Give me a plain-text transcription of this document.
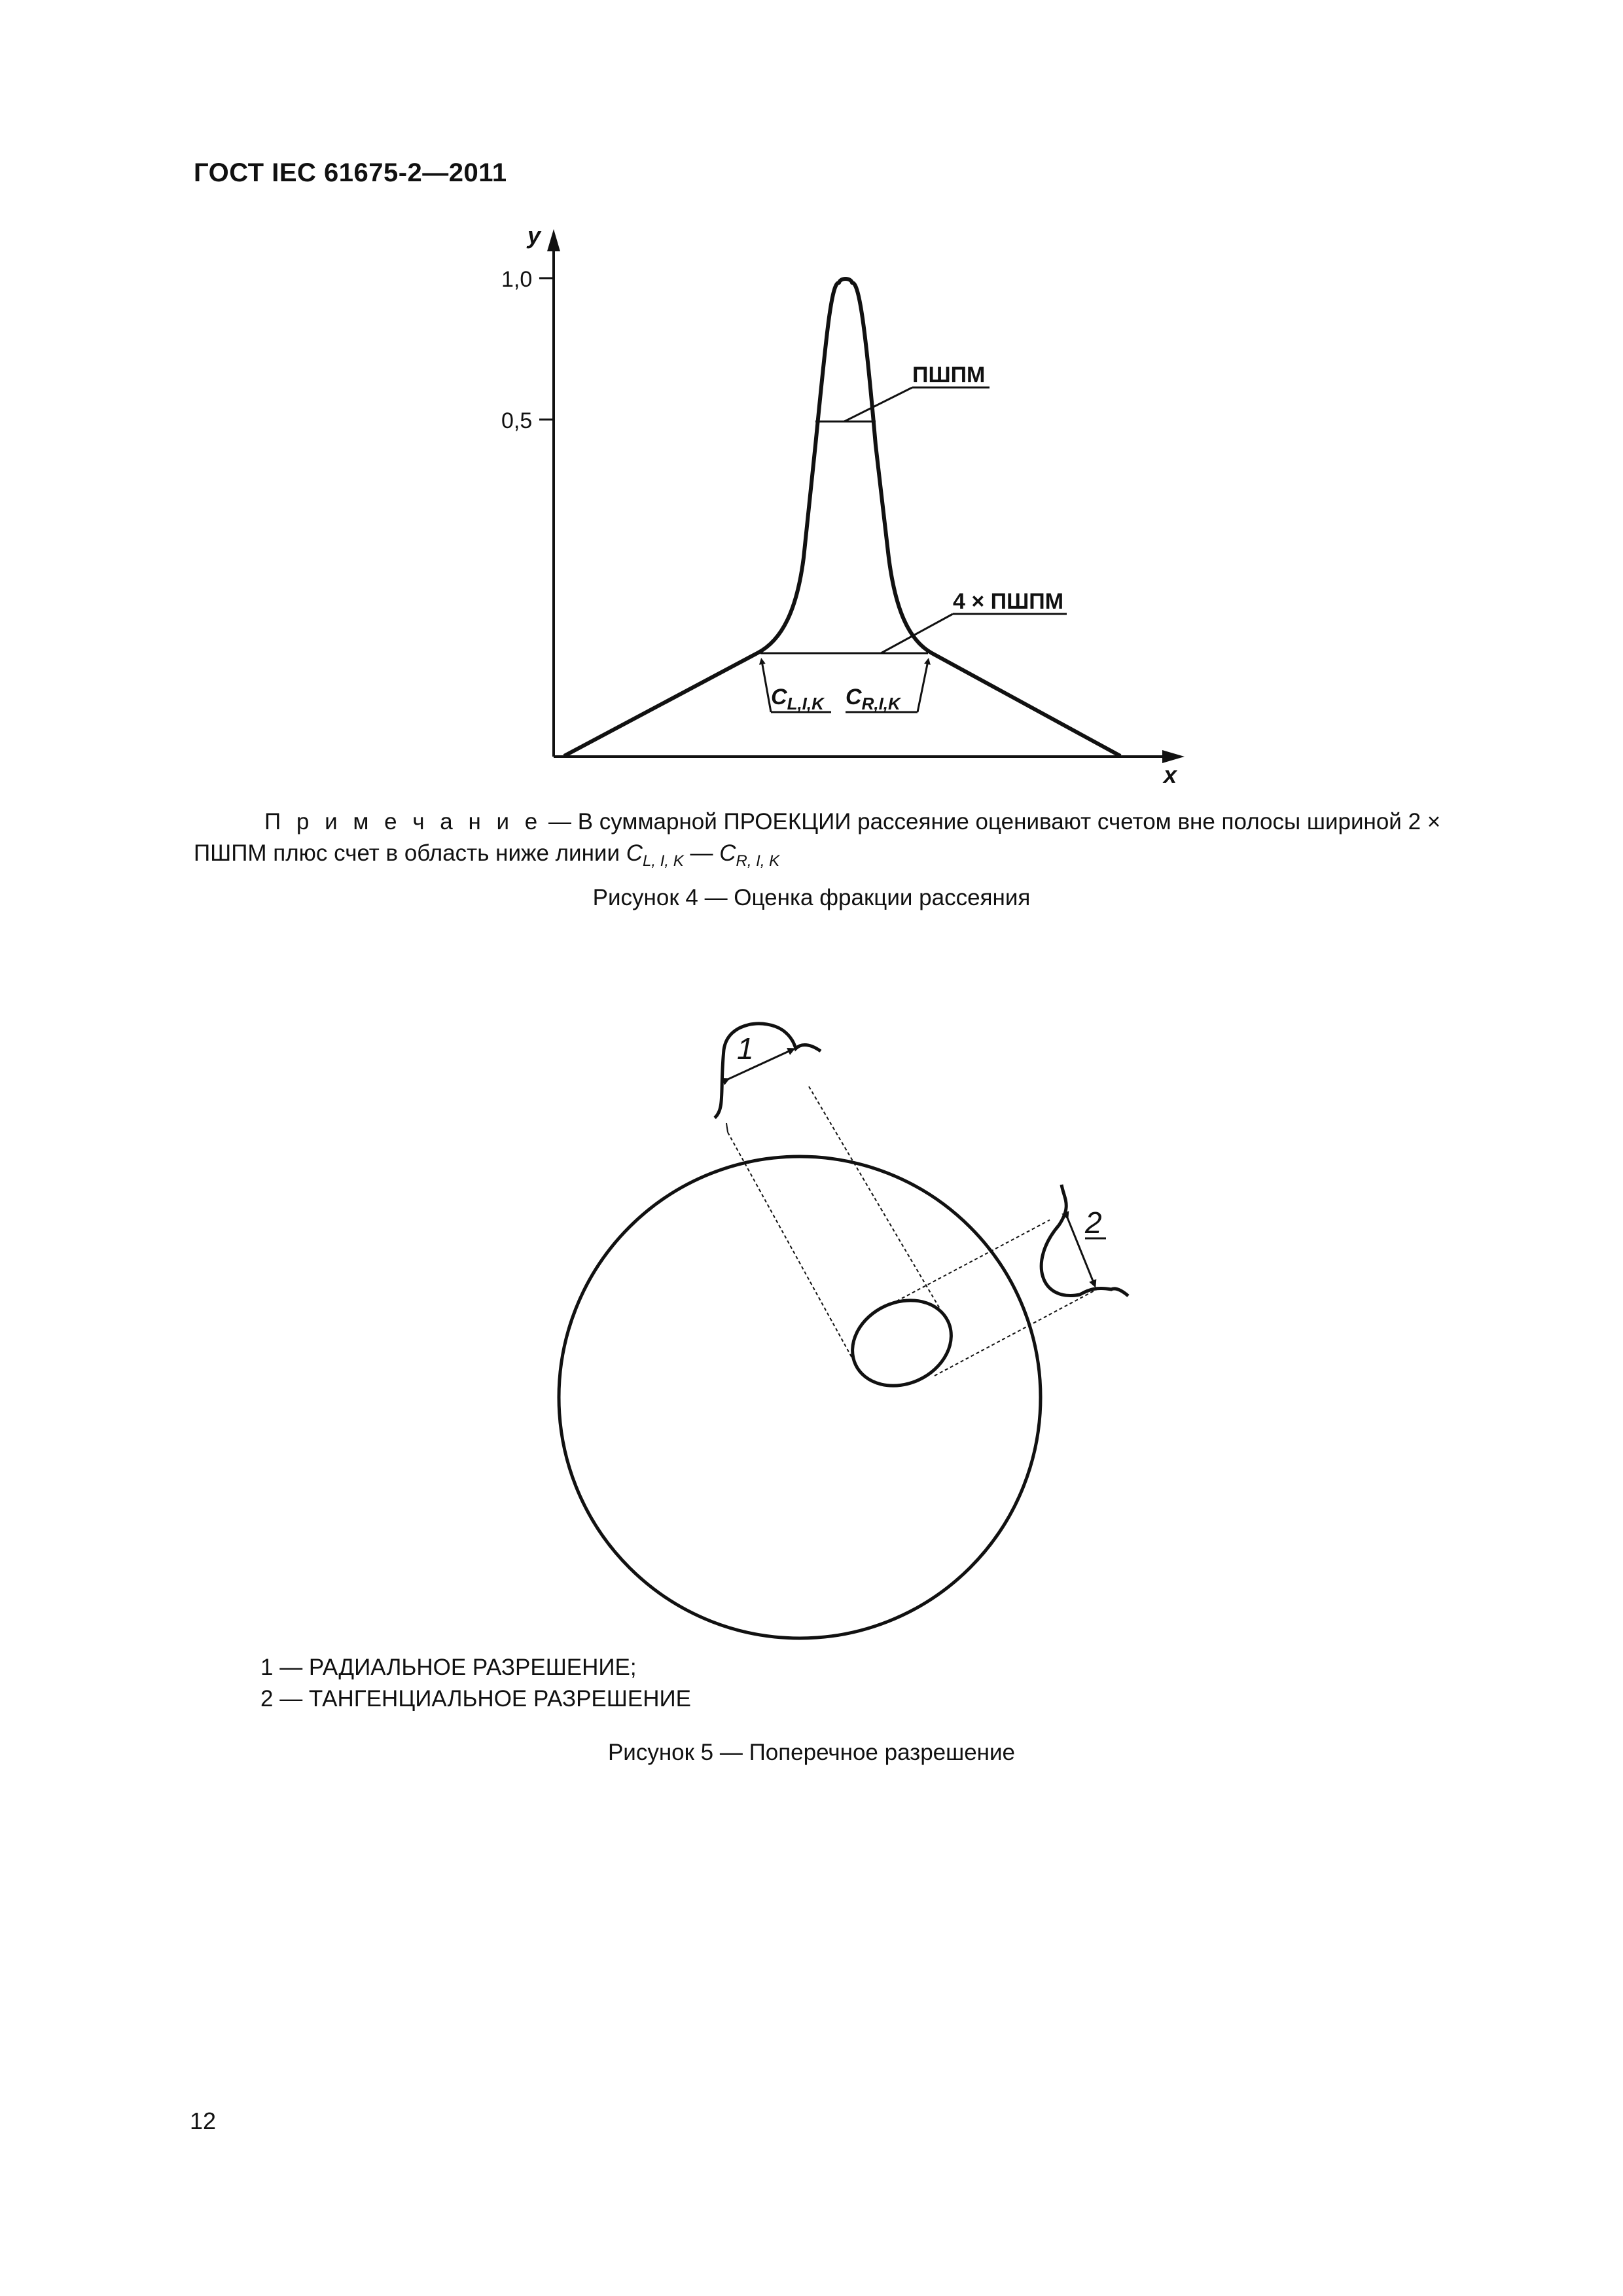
ГОСТ IEC 61675-2—2011
y
x
1,0
0,5
ПШПМ
4 × ПШПМ
$C_{L,I,K}$ $C_{R,I,K}$
П р и м е ч а н и е — В суммарной ПРОЕКЦИИ рассеяние оценивают счетом вне полосы шириной 2 × ПШПМ плюс счет в область ниже линии $C_{L, I, K}$ — $C_{R, I, K}$
Рисунок 4 — Оценка фракции рассеяния
1
2
1 — РАДИАЛЬНОЕ РАЗРЕШЕНИЕ;
2 — ТАНГЕНЦИАЛЬНОЕ РАЗРЕШЕНИЕ
Рисунок 5 — Поперечное разрешение
12
